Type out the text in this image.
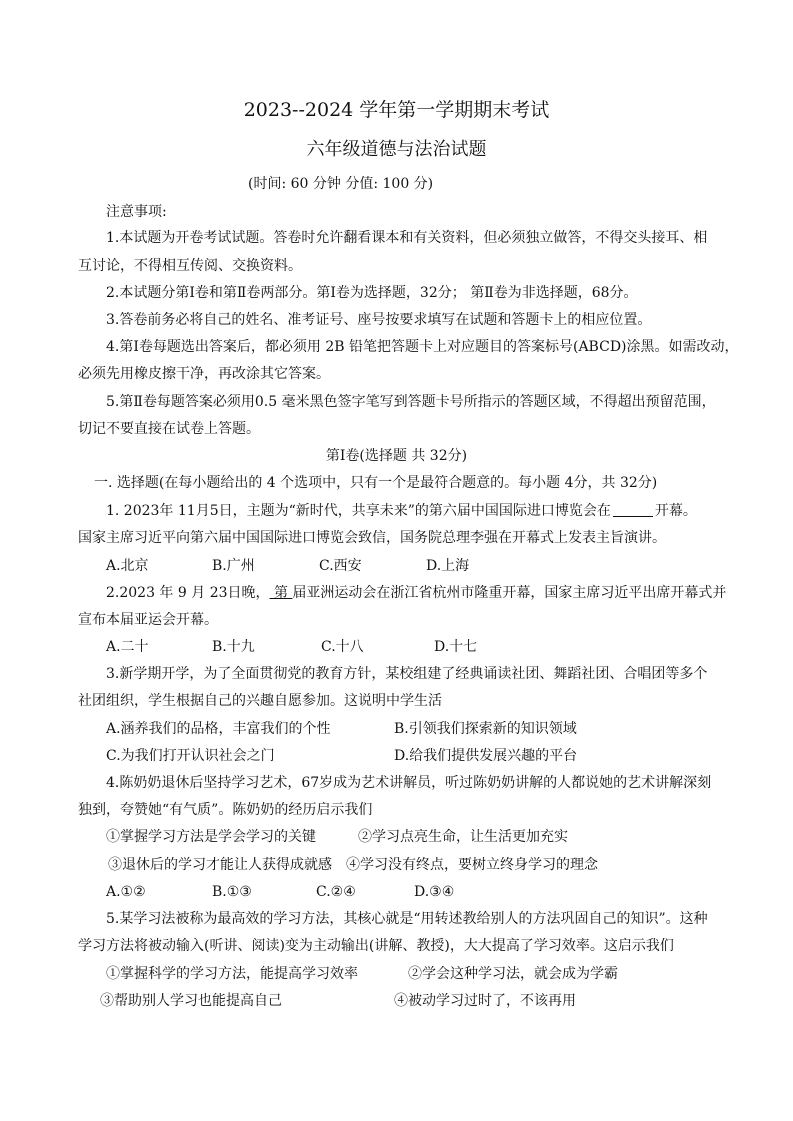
2023--2024 学年第一学期期末考试
六年级道德与法治试题
(时间: 60 分钟 分值: 100 分)
注意事项:
1.本试题为开卷考试试题。答卷时允许翻看课本和有关资料，但必须独立做答，不得交头接耳、相
互讨论，不得相互传阅、交换资料。
2.本试题分第Ⅰ卷和第Ⅱ卷两部分。第Ⅰ卷为选择题，32分； 第Ⅱ卷为非选择题，68分。
3.答卷前务必将自己的姓名、准考证号、座号按要求填写在试题和答题卡上的相应位置。
4.第Ⅰ卷每题选出答案后，都必须用 2B 铅笔把答题卡上对应题目的答案标号(ABCD)涂黑。如需改动，
必须先用橡皮擦干净，再改涂其它答案。
5.第Ⅱ卷每题答案必须用0.5 毫米黑色签字笔写到答题卡号所指示的答题区域，不得超出预留范围，
切记不要直接在试卷上答题。
第Ⅰ卷(选择题 共 32分)
一. 选择题(在每小题给出的 4 个选项中，只有一个是最符合题意的。每小题 4分，共 32分)
1. 2023年 11月5日，主题为“新时代，共享未来”的第六届中国国际进口博览会在	开幕。
国家主席习近平向第六届中国国际进口博览会致信，国务院总理李强在开幕式上发表主旨演讲。
A.北京	B.广州	C.西安	D.上海
2.2023 年 9 月 23日晚， 第 届亚洲运动会在浙江省杭州市隆重开幕，国家主席习近平出席开幕式并
宣布本届亚运会开幕。
A.二十	B.十九	C.十八	D.十七
3.新学期开学，为了全面贯彻党的教育方针，某校组建了经典诵读社团、舞蹈社团、合唱团等多个
社团组织，学生根据自己的兴趣自愿参加。这说明中学生活
A.涵养我们的品格，丰富我们的个性	B.引领我们探索新的知识领域
C.为我们打开认识社会之门	D.给我们提供发展兴趣的平台
4.陈奶奶退休后坚持学习艺术，67岁成为艺术讲解员，听过陈奶奶讲解的人都说她的艺术讲解深刻
独到，夸赞她“有气质”。陈奶奶的经历启示我们
①掌握学习方法是学会学习的关键	②学习点亮生命，让生活更加充实
③退休后的学习才能让人获得成就感 ④学习没有终点，要树立终身学习的理念
A.①②	B.①③	C.②④	D.③④
5.某学习法被称为最高效的学习方法，其核心就是“用转述教给别人的方法巩固自己的知识”。这种
学习方法将被动输入(听讲、阅读)变为主动输出(讲解、教授)，大大提高了学习效率。这启示我们
①掌握科学的学习方法，能提高学习效率	②学会这种学习法，就会成为学霸
③帮助别人学习也能提高自己	④被动学习过时了，不该再用
